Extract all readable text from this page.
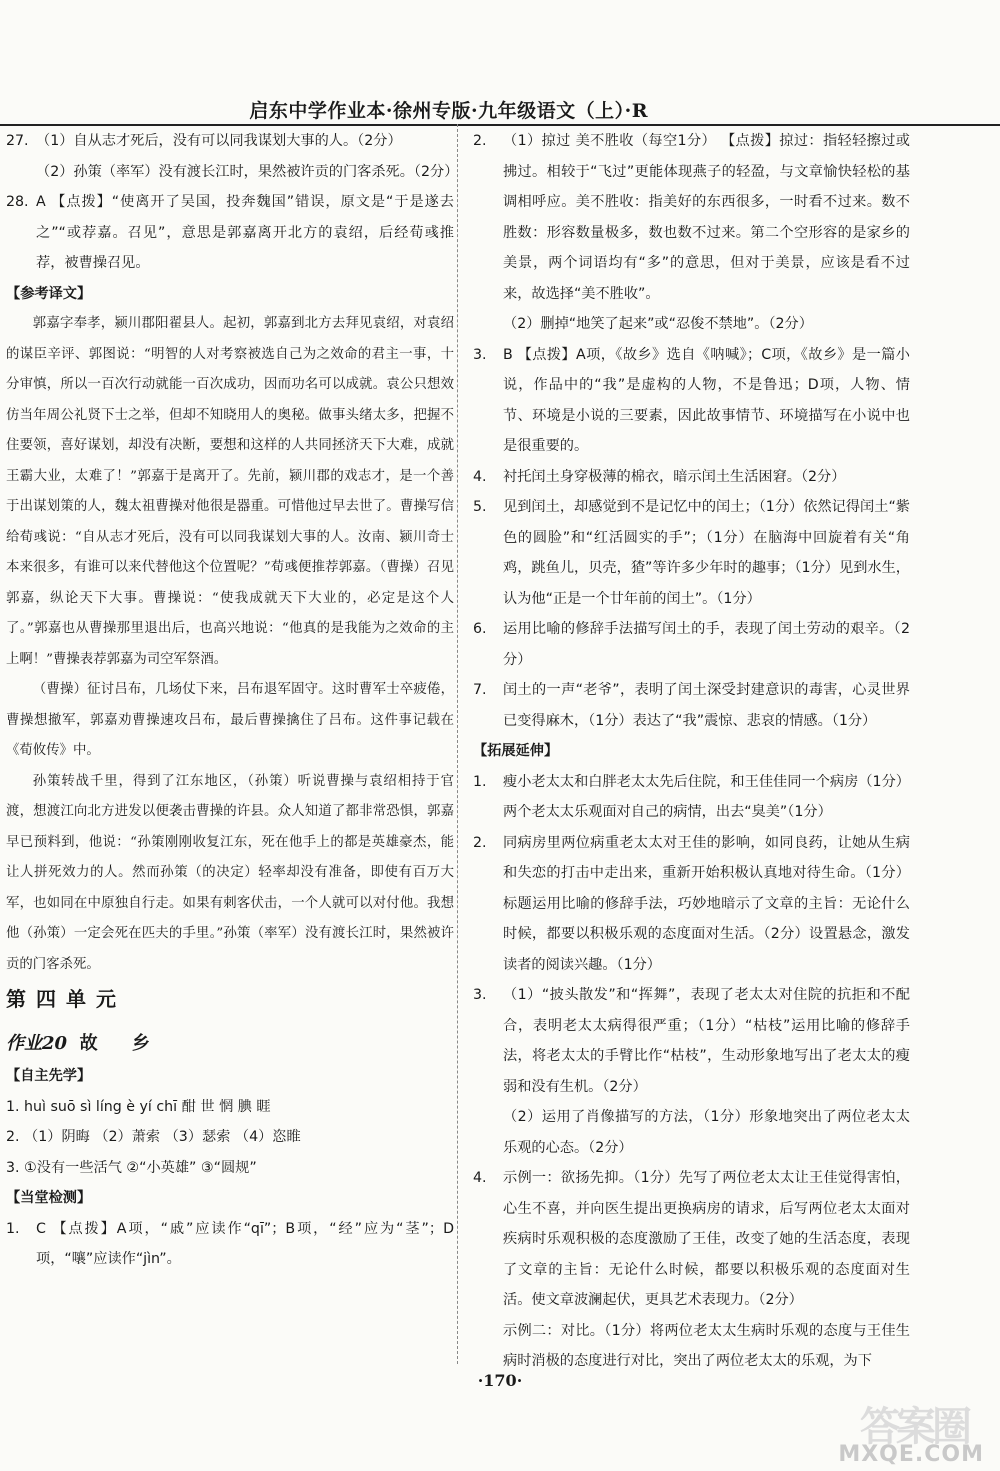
启东中学作业本·徐州专版·九年级语文（上）·R
27. （1）自从志才死后，没有可以同我谋划大事的人。（2分）
（2）孙策（率军）没有渡长江时，果然被许贡的门客杀死。（2分）
28. A 【点拨】“使离开了吴国，投奔魏国”错误，原文是“于是遂去之”“或荐嘉。召见”，意思是郭嘉离开北方的袁绍，后经荀彧推荐，被曹操召见。
【参考译文】

郭嘉字奉孝，颍川郡阳翟县人。起初，郭嘉到北方去拜见袁绍，对袁绍的谋臣辛评、郭图说：“明智的人对考察被选自己为之效命的君主一事，十分审慎，所以一百次行动就能一百次成功，因而功名可以成就。袁公只想效仿当年周公礼贤下士之举，但却不知晓用人的奥秘。做事头绪太多，把握不住要领，喜好谋划，却没有决断，要想和这样的人共同拯济天下大难，成就王霸大业，太难了！”郭嘉于是离开了。先前，颍川郡的戏志才，是一个善于出谋划策的人，魏太祖曹操对他很是器重。可惜他过早去世了。曹操写信给荀彧说：“自从志才死后，没有可以同我谋划大事的人。汝南、颍川奇士本来很多，有谁可以来代替他这个位置呢？”荀彧便推荐郭嘉。（曹操）召见郭嘉，纵论天下大事。曹操说：“使我成就天下大业的，必定是这个人了。”郭嘉也从曹操那里退出后，也高兴地说：“他真的是我能为之效命的主上啊！”曹操表荐郭嘉为司空军祭酒。

（曹操）征讨吕布，几场仗下来，吕布退军固守。这时曹军士卒疲倦，曹操想撤军，郭嘉劝曹操速攻吕布，最后曹操擒住了吕布。这件事记载在《荀攸传》中。

孙策转战千里，得到了江东地区，（孙策）听说曹操与袁绍相持于官渡，想渡江向北方进发以便袭击曹操的许县。众人知道了都非常恐惧，郭嘉早已预料到，他说：“孙策刚刚收复江东，死在他手上的都是英雄豪杰，能让人拼死效力的人。然而孙策（的决定）轻率却没有准备，即使有百万大军，也如同在中原独自行走。如果有刺客伏击，一个人就可以对付他。我想他（孙策）一定会死在匹夫的手里。”孙策（率军）没有渡长江时，果然被许贡的门客杀死。

第四单元
作业20 故 乡
【自主先学】
1. huì suō sì líng è yí chī 酣 世 惘 腆 睚
2. （1）阴晦 （2）萧索 （3）瑟索 （4）恣睢
3. ①没有一些活气 ②“小英雄” ③“圆规”
【当堂检测】
1.	C 【点拨】A项，“戚”应读作“qī”；B项，“经”应为“茎”；D项，“嚷”应读作“jìn”。
2.	（1）掠过 美不胜收（每空1分） 【点拨】掠过：指轻轻擦过或拂过。相较于“飞过”更能体现燕子的轻盈，与文章愉快轻松的基调相呼应。美不胜收：指美好的东西很多，一时看不过来。数不胜数：形容数量极多，数也数不过来。第二个空形容的是家乡的美景，两个词语均有“多”的意思，但对于美景，应该是看不过来，故选择“美不胜收”。
（2）删掉“地笑了起来”或“忍俊不禁地”。（2分）
3.	B 【点拨】A项，《故乡》选自《呐喊》；C项，《故乡》是一篇小说，作品中的“我”是虚构的人物，不是鲁迅；D项，人物、情节、环境是小说的三要素，因此故事情节、环境描写在小说中也是很重要的。
4.	衬托闰土身穿极薄的棉衣，暗示闰土生活困窘。（2分）
5.	见到闰土，却感觉到不是记忆中的闰土；（1分）依然记得闰土“紫色的圆脸”和“红活圆实的手”；（1分）在脑海中回旋着有关“角鸡，跳鱼儿，贝壳，猹”等许多少年时的趣事；（1分）见到水生，认为他“正是一个廿年前的闰土”。（1分）
6.	运用比喻的修辞手法描写闰土的手，表现了闰土劳动的艰辛。（2分）
7.	闰土的一声“老爷”，表明了闰土深受封建意识的毒害，心灵世界已变得麻木，（1分）表达了“我”震惊、悲哀的情感。（1分）
【拓展延伸】
1.	瘦小老太太和白胖老太太先后住院，和王佳佳同一个病房（1分） 两个老太太乐观面对自己的病情，出去“臭美”（1分）
2.	同病房里两位病重老太太对王佳的影响，如同良药，让她从生病和失恋的打击中走出来，重新开始积极认真地对待生命。（1分）标题运用比喻的修辞手法，巧妙地暗示了文章的主旨：无论什么时候，都要以积极乐观的态度面对生活。（2分）设置悬念，激发读者的阅读兴趣。（1分）
3.	（1）“披头散发”和“挥舞”，表现了老太太对住院的抗拒和不配合，表明老太太病得很严重；（1分）“枯枝”运用比喻的修辞手法，将老太太的手臂比作“枯枝”，生动形象地写出了老太太的瘦弱和没有生机。（2分）
（2）运用了肖像描写的方法，（1分）形象地突出了两位老太太乐观的心态。（2分）
4.	示例一：欲扬先抑。（1分）先写了两位老太太让王佳觉得害怕，心生不喜，并向医生提出更换病房的请求，后写两位老太太面对疾病时乐观积极的态度激励了王佳，改变了她的生活态度，表现了文章的主旨：无论什么时候，都要以积极乐观的态度面对生活。使文章波澜起伏，更具艺术表现力。（2分）
示例二：对比。（1分）将两位老太太生病时乐观的态度与王佳生病时消极的态度进行对比，突出了两位老太太的乐观，为下
·170·
答案圈
MXQE.COM
